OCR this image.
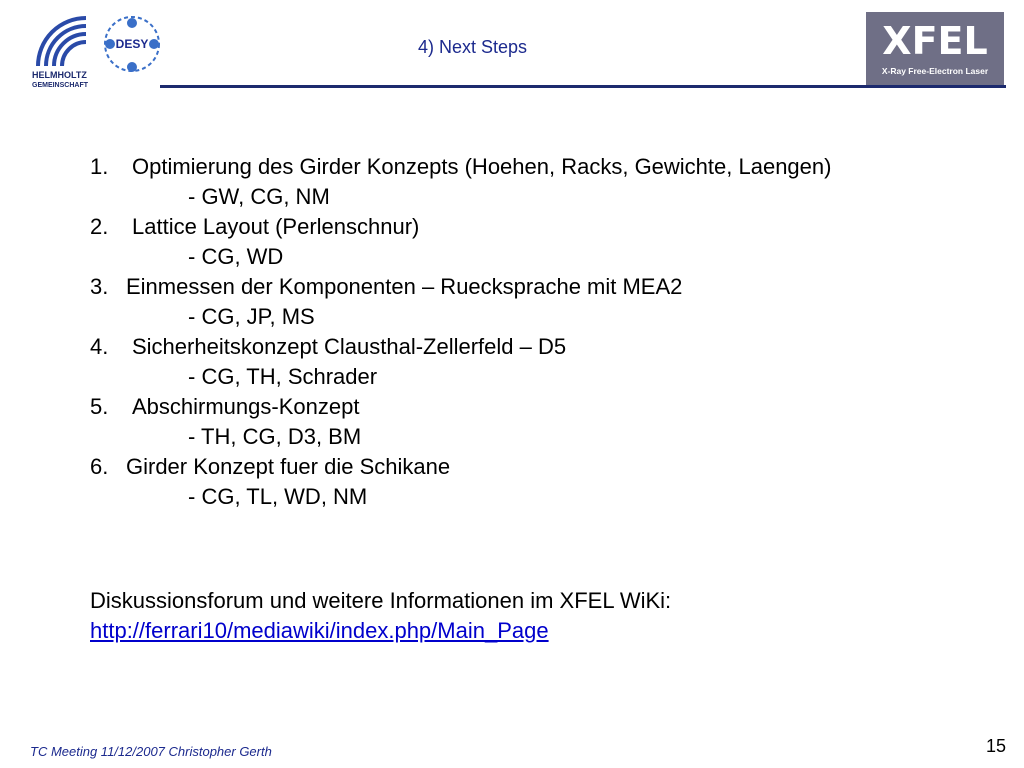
HELMHOLTZ
GEMEINSCHAFT
DESY	4) Next Steps	XFEL
X-Ray Free-Electron Laser
1. Optimierung des Girder Konzepts (Hoehen, Racks, Gewichte, Laengen)
- GW, CG, NM
2. Lattice Layout (Perlenschnur)
- CG, WD
3. Einmessen der Komponenten – Ruecksprache mit MEA2
- CG, JP, MS
4. Sicherheitskonzept Clausthal-Zellerfeld – D5
- CG, TH, Schrader
5. Abschirmungs-Konzept
- TH, CG, D3, BM
6. Girder Konzept fuer die Schikane
- CG, TL, WD, NM
Diskussionsforum und weitere Informationen im XFEL WiKi:
http://ferrari10/mediawiki/index.php/Main_Page
TC Meeting 11/12/2007 Christopher Gerth	15
